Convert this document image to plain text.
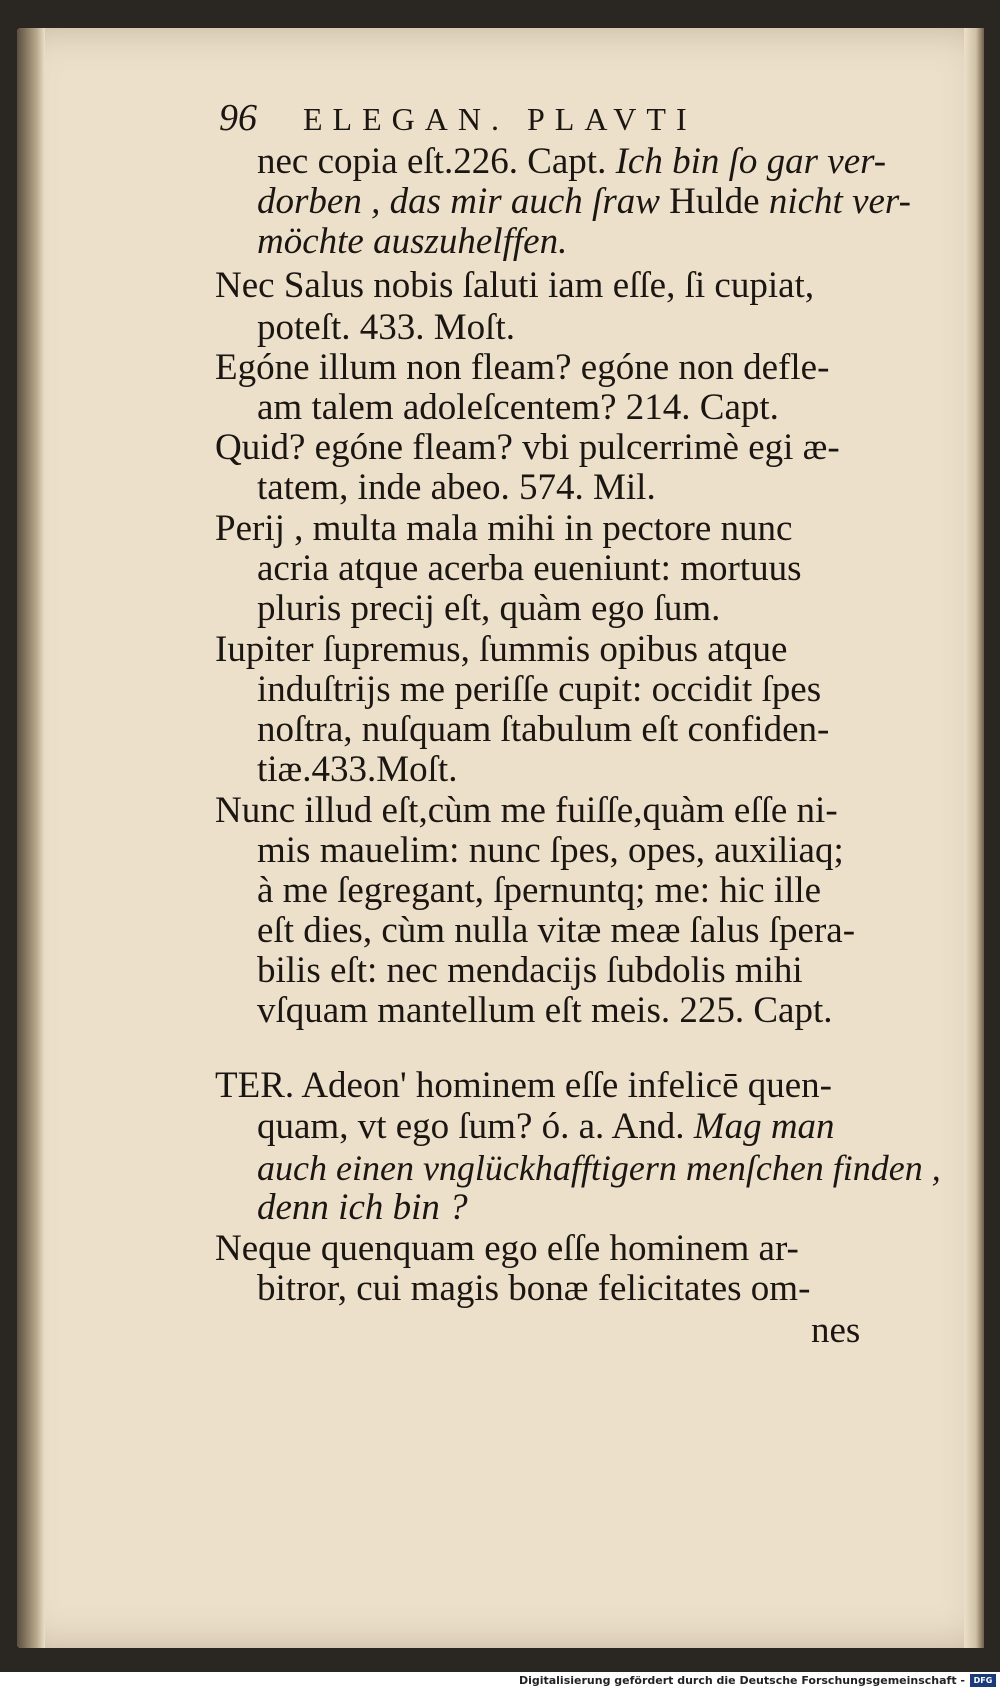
96 ELEGAN. PLAVTI
nec copia eſt.226. Capt. Ich bin ſo gar ver-
dorben , das mir auch ſraw Hulde nicht ver-
möchte auszuhelffen.
Nec Salus nobis ſaluti iam eſſe, ſi cupiat,
poteſt. 433. Moſt.
Egóne illum non fleam? egóne non defle-
am talem adoleſcentem? 214. Capt.
Quid? egóne fleam? vbi pulcerrimè egi æ-
tatem, inde abeo. 574. Mil.
Perij , multa mala mihi in pectore nunc
acria atque acerba eueniunt: mortuus
pluris precij eſt, quàm ego ſum.
Iupiter ſupremus, ſummis opibus atque
induſtrijs me periſſe cupit: occidit ſpes
noſtra, nuſquam ſtabulum eſt confiden-
tiæ.433.Moſt.
Nunc illud eſt,cùm me fuiſſe,quàm eſſe ni-
mis mauelim: nunc ſpes, opes, auxiliaq;
à me ſegregant, ſpernuntq; me: hic ille
eſt dies, cùm nulla vitæ meæ ſalus ſpera-
bilis eſt: nec mendacijs ſubdolis mihi
vſquam mantellum eſt meis. 225. Capt.
TER. Adeon' hominem eſſe infelicē quen-
quam, vt ego ſum? ó. a. And. Mag man
auch einen vnglückhafftigern menſchen finden ,
denn ich bin ?
Neque quenquam ego eſſe hominem ar-
bitror, cui magis bonæ felicitates om-
nes
Digitalisierung gefördert durch die Deutsche Forschungsgemeinschaft -	DFG
